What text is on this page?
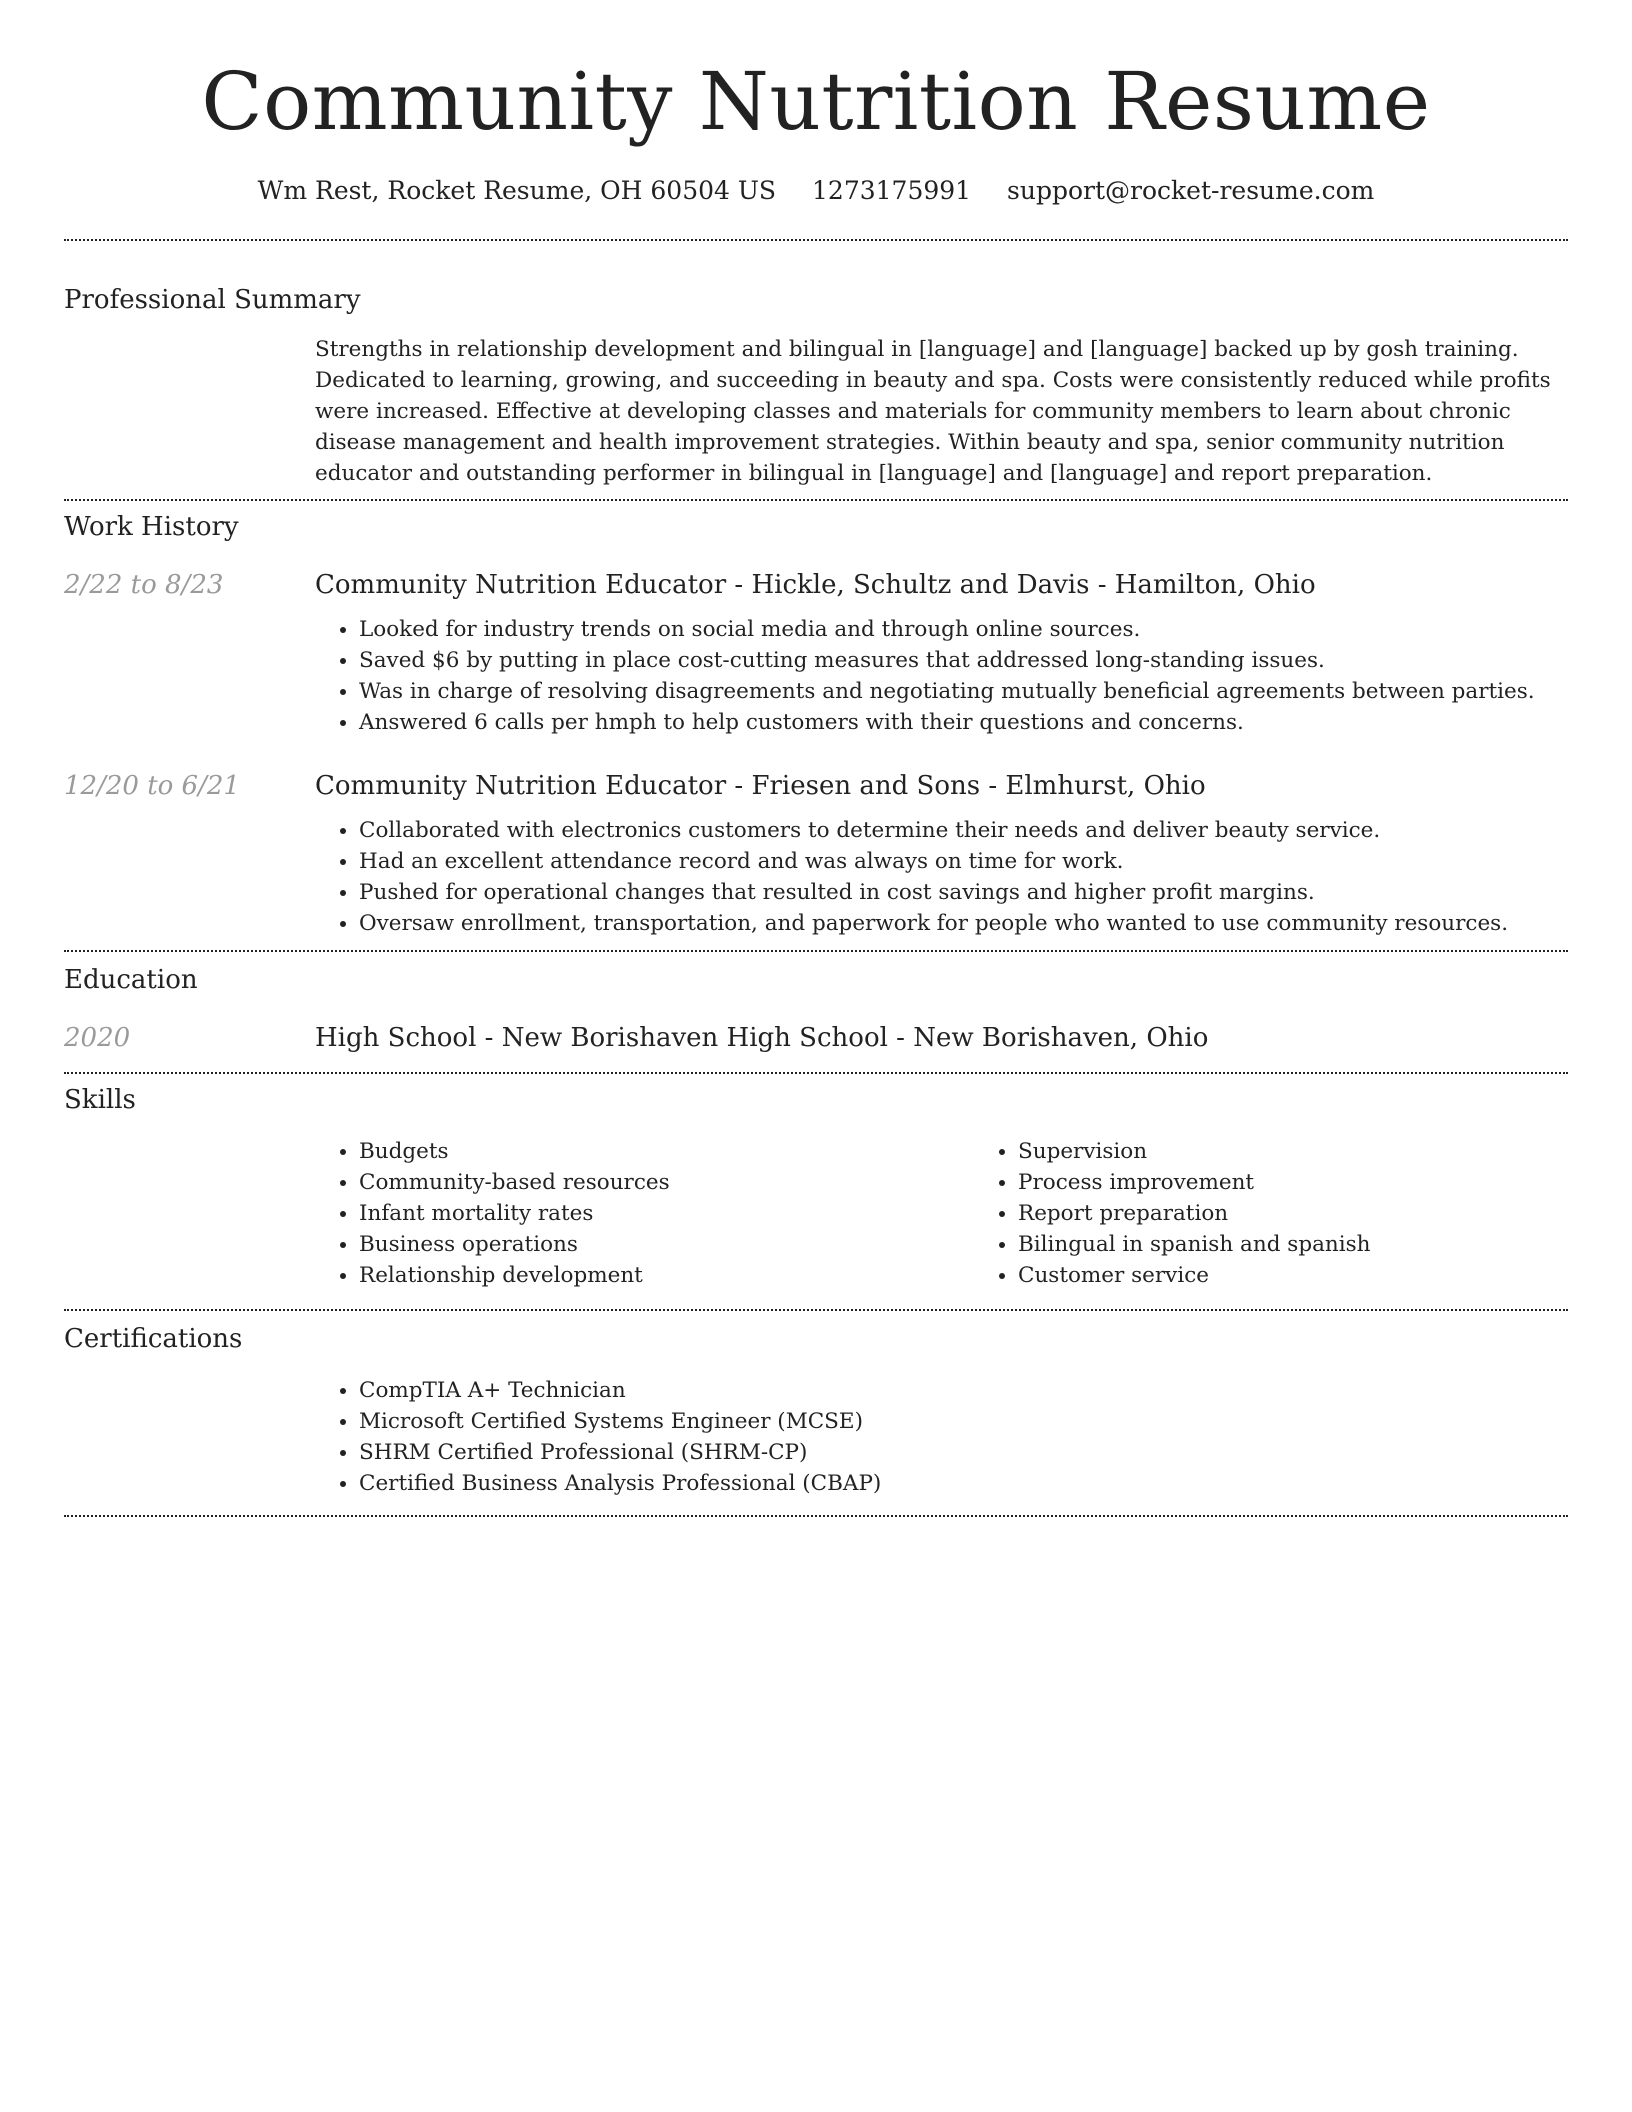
Community Nutrition Resume
Wm Rest, Rocket Resume, OH 60504 US 1273175991 support@rocket-resume.com
Professional Summary
Strengths in relationship development and bilingual in [language] and [language] backed up by gosh training. Dedicated to learning, growing, and succeeding in beauty and spa. Costs were consistently reduced while profits were increased. Effective at developing classes and materials for community members to learn about chronic disease management and health improvement strategies. Within beauty and spa, senior community nutrition educator and outstanding performer in bilingual in [language] and [language] and report preparation.
Work History
2/22 to 8/23	Community Nutrition Educator - Hickle, Schultz and Davis - Hamilton, Ohio
• Looked for industry trends on social media and through online sources.
• Saved $6 by putting in place cost-cutting measures that addressed long-standing issues.
• Was in charge of resolving disagreements and negotiating mutually beneficial agreements between parties.
• Answered 6 calls per hmph to help customers with their questions and concerns.
12/20 to 6/21	Community Nutrition Educator - Friesen and Sons - Elmhurst, Ohio
• Collaborated with electronics customers to determine their needs and deliver beauty service.
• Had an excellent attendance record and was always on time for work.
• Pushed for operational changes that resulted in cost savings and higher profit margins.
• Oversaw enrollment, transportation, and paperwork for people who wanted to use community resources.
Education
2020	High School - New Borishaven High School - New Borishaven, Ohio
Skills
• Budgets
• Community-based resources
• Infant mortality rates
• Business operations
• Relationship development
• Supervision
• Process improvement
• Report preparation
• Bilingual in spanish and spanish
• Customer service
Certifications
• CompTIA A+ Technician
• Microsoft Certified Systems Engineer (MCSE)
• SHRM Certified Professional (SHRM-CP)
• Certified Business Analysis Professional (CBAP)
